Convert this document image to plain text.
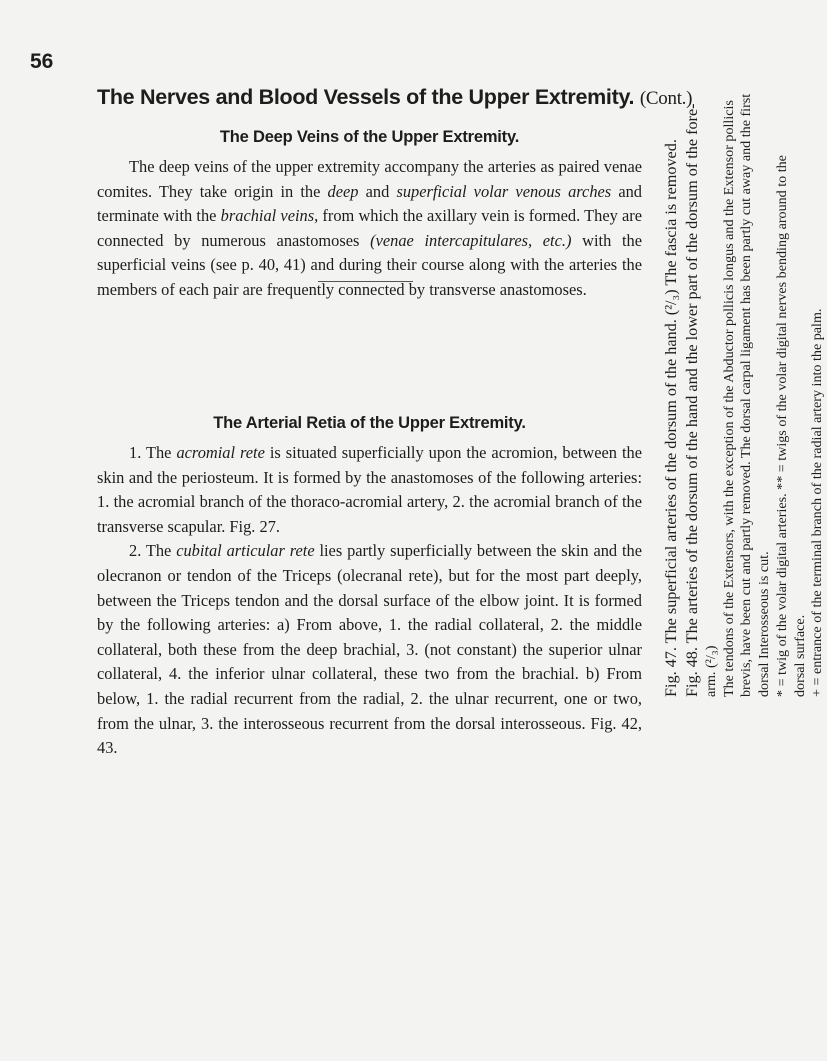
56
The Nerves and Blood Vessels of the Upper Extremity. (Cont.)
The Deep Veins of the Upper Extremity.

The deep veins of the upper extremity accompany the arteries as paired venae comites. They take origin in the deep and superficial volar venous arches and terminate with the brachial veins, from which the axillary vein is formed. They are connected by numerous anastomoses (venae intercapitulares, etc.) with the superficial veins (see p. 40, 41) and during their course along with the arteries the members of each pair are frequently connected by transverse anastomoses.

The Arterial Retia of the Upper Extremity.

1. The acromial rete is situated superficially upon the acromion, between the skin and the periosteum. It is formed by the anastomoses of the following arteries: 1. the acromial branch of the thoraco-acromial artery, 2. the acromial branch of the transverse scapular. Fig. 27.

2. The cubital articular rete lies partly superficially between the skin and the olecranon or tendon of the Triceps (olecranal rete), but for the most part deeply, between the Triceps tendon and the dorsal surface of the elbow joint. It is formed by the following arteries: a) From above, 1. the radial collateral, 2. the middle collateral, both these from the deep brachial, 3. (not constant) the superior ulnar collateral, 4. the inferior ulnar collateral, these two from the brachial. b) From below, 1. the radial recurrent from the radial, 2. the ulnar recurrent, one or two, from the ulnar, 3. the interosseous recurrent from the dorsal interosseous. Fig. 42, 43.

Fig. 47. The superficial arteries of the dorsum of the hand. (²/₃) The fascia is removed. Fig. 48. The arteries of the dorsum of the hand and the lower part of the dorsum of the fore- arm. (²/₃) The tendons of the Extensors, with the exception of the Abductor pollicis longus and the Extensor pollicis brevis, have been cut and partly removed. The dorsal carpal ligament has been partly cut away and the first dorsal Interosseous is cut. * = twig of the volar digital arteries. ** = twigs of the volar digital nerves bending around to the dorsal surface. + = entrance of the terminal branch of the radial artery into the palm.
